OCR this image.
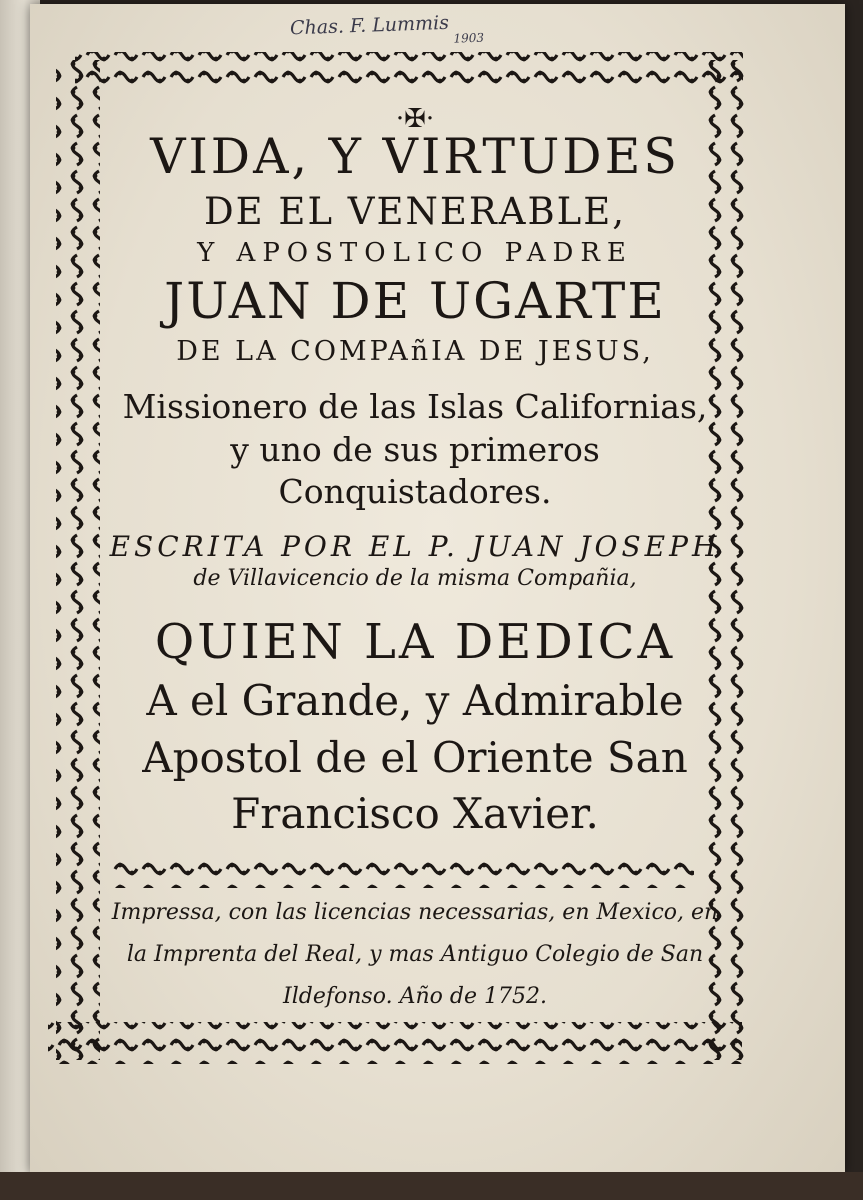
Chas. F. Lummis $_{1903}$
·✠·
VIDA, Y VIRTUDES
DE EL VENERABLE,
Y APOSTOLICO PADRE
JUAN DE UGARTE
DE LA COMPAñIA DE JESUS,
Missionero de las Islas Californias,
y uno de sus primeros
Conquistadores.
ESCRITA POR EL P. JUAN JOSEPH
de Villavicencio de la misma Compañia,
QUIEN LA DEDICA
A el Grande, y Admirable
Apostol de el Oriente San
Francisco Xavier.
Impressa, con las licencias necessarias, en Mexico, en
la Imprenta del Real, y mas Antiguo Colegio de San
Ildefonso. Año de 1752.
